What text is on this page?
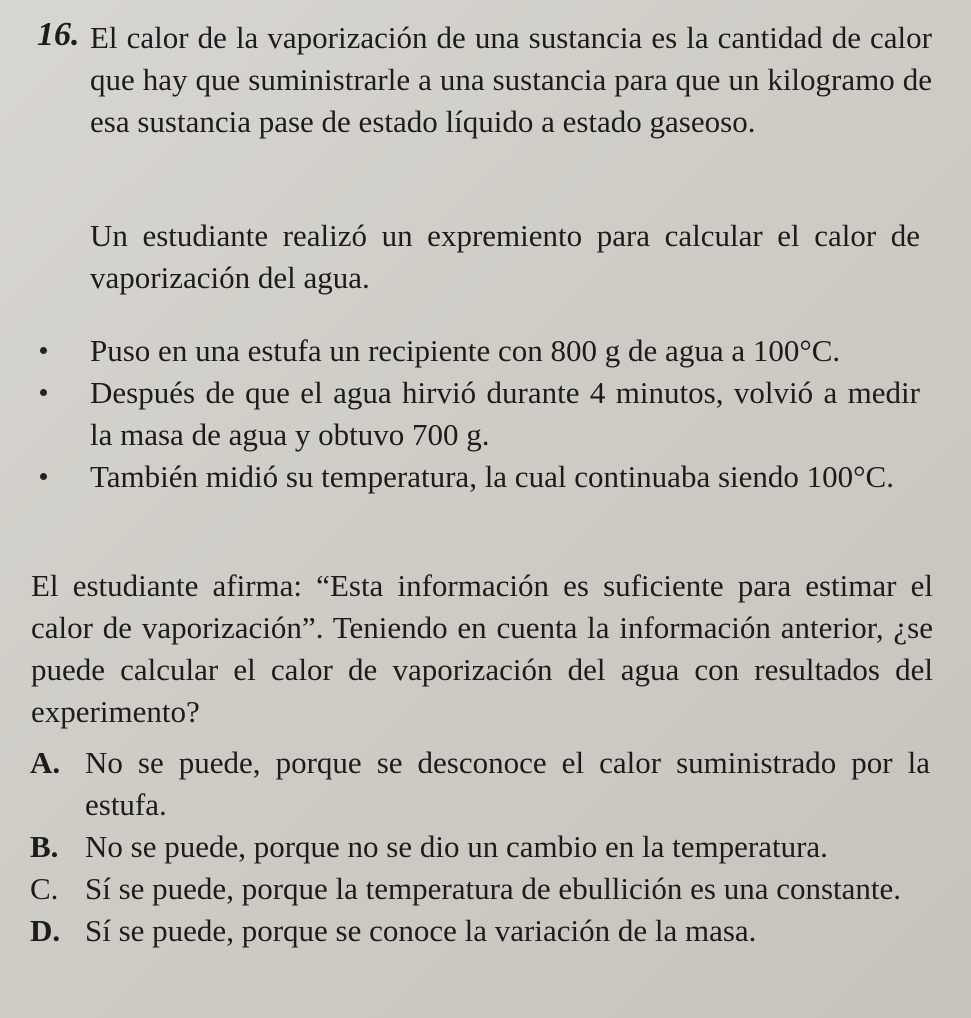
16. El calor de la vaporización de una sustancia es la cantidad de calor que hay que suministrarle a una sustancia para que un kilogramo de esa sustancia pase de estado líquido a estado gaseoso.

Un estudiante realizó un expremiento para calcular el calor de vaporización del agua.

Puso en una estufa un recipiente con 800 g de agua a 100°C.
Después de que el agua hirvió durante 4 minutos, volvió a medir la masa de agua y obtuvo 700 g.
También midió su temperatura, la cual continuaba siendo 100°C.

El estudiante afirma: “Esta información es suficiente para estimar el calor de vaporización”. Teniendo en cuenta la información anterior, ¿se puede calcular el calor de vaporización del agua con resultados del experimento?

A. No se puede, porque se desconoce el calor suministrado por la estufa.
B. No se puede, porque no se dio un cambio en la temperatura.
C. Sí se puede, porque la temperatura de ebullición es una constante.
D. Sí se puede, porque se conoce la variación de la masa.
